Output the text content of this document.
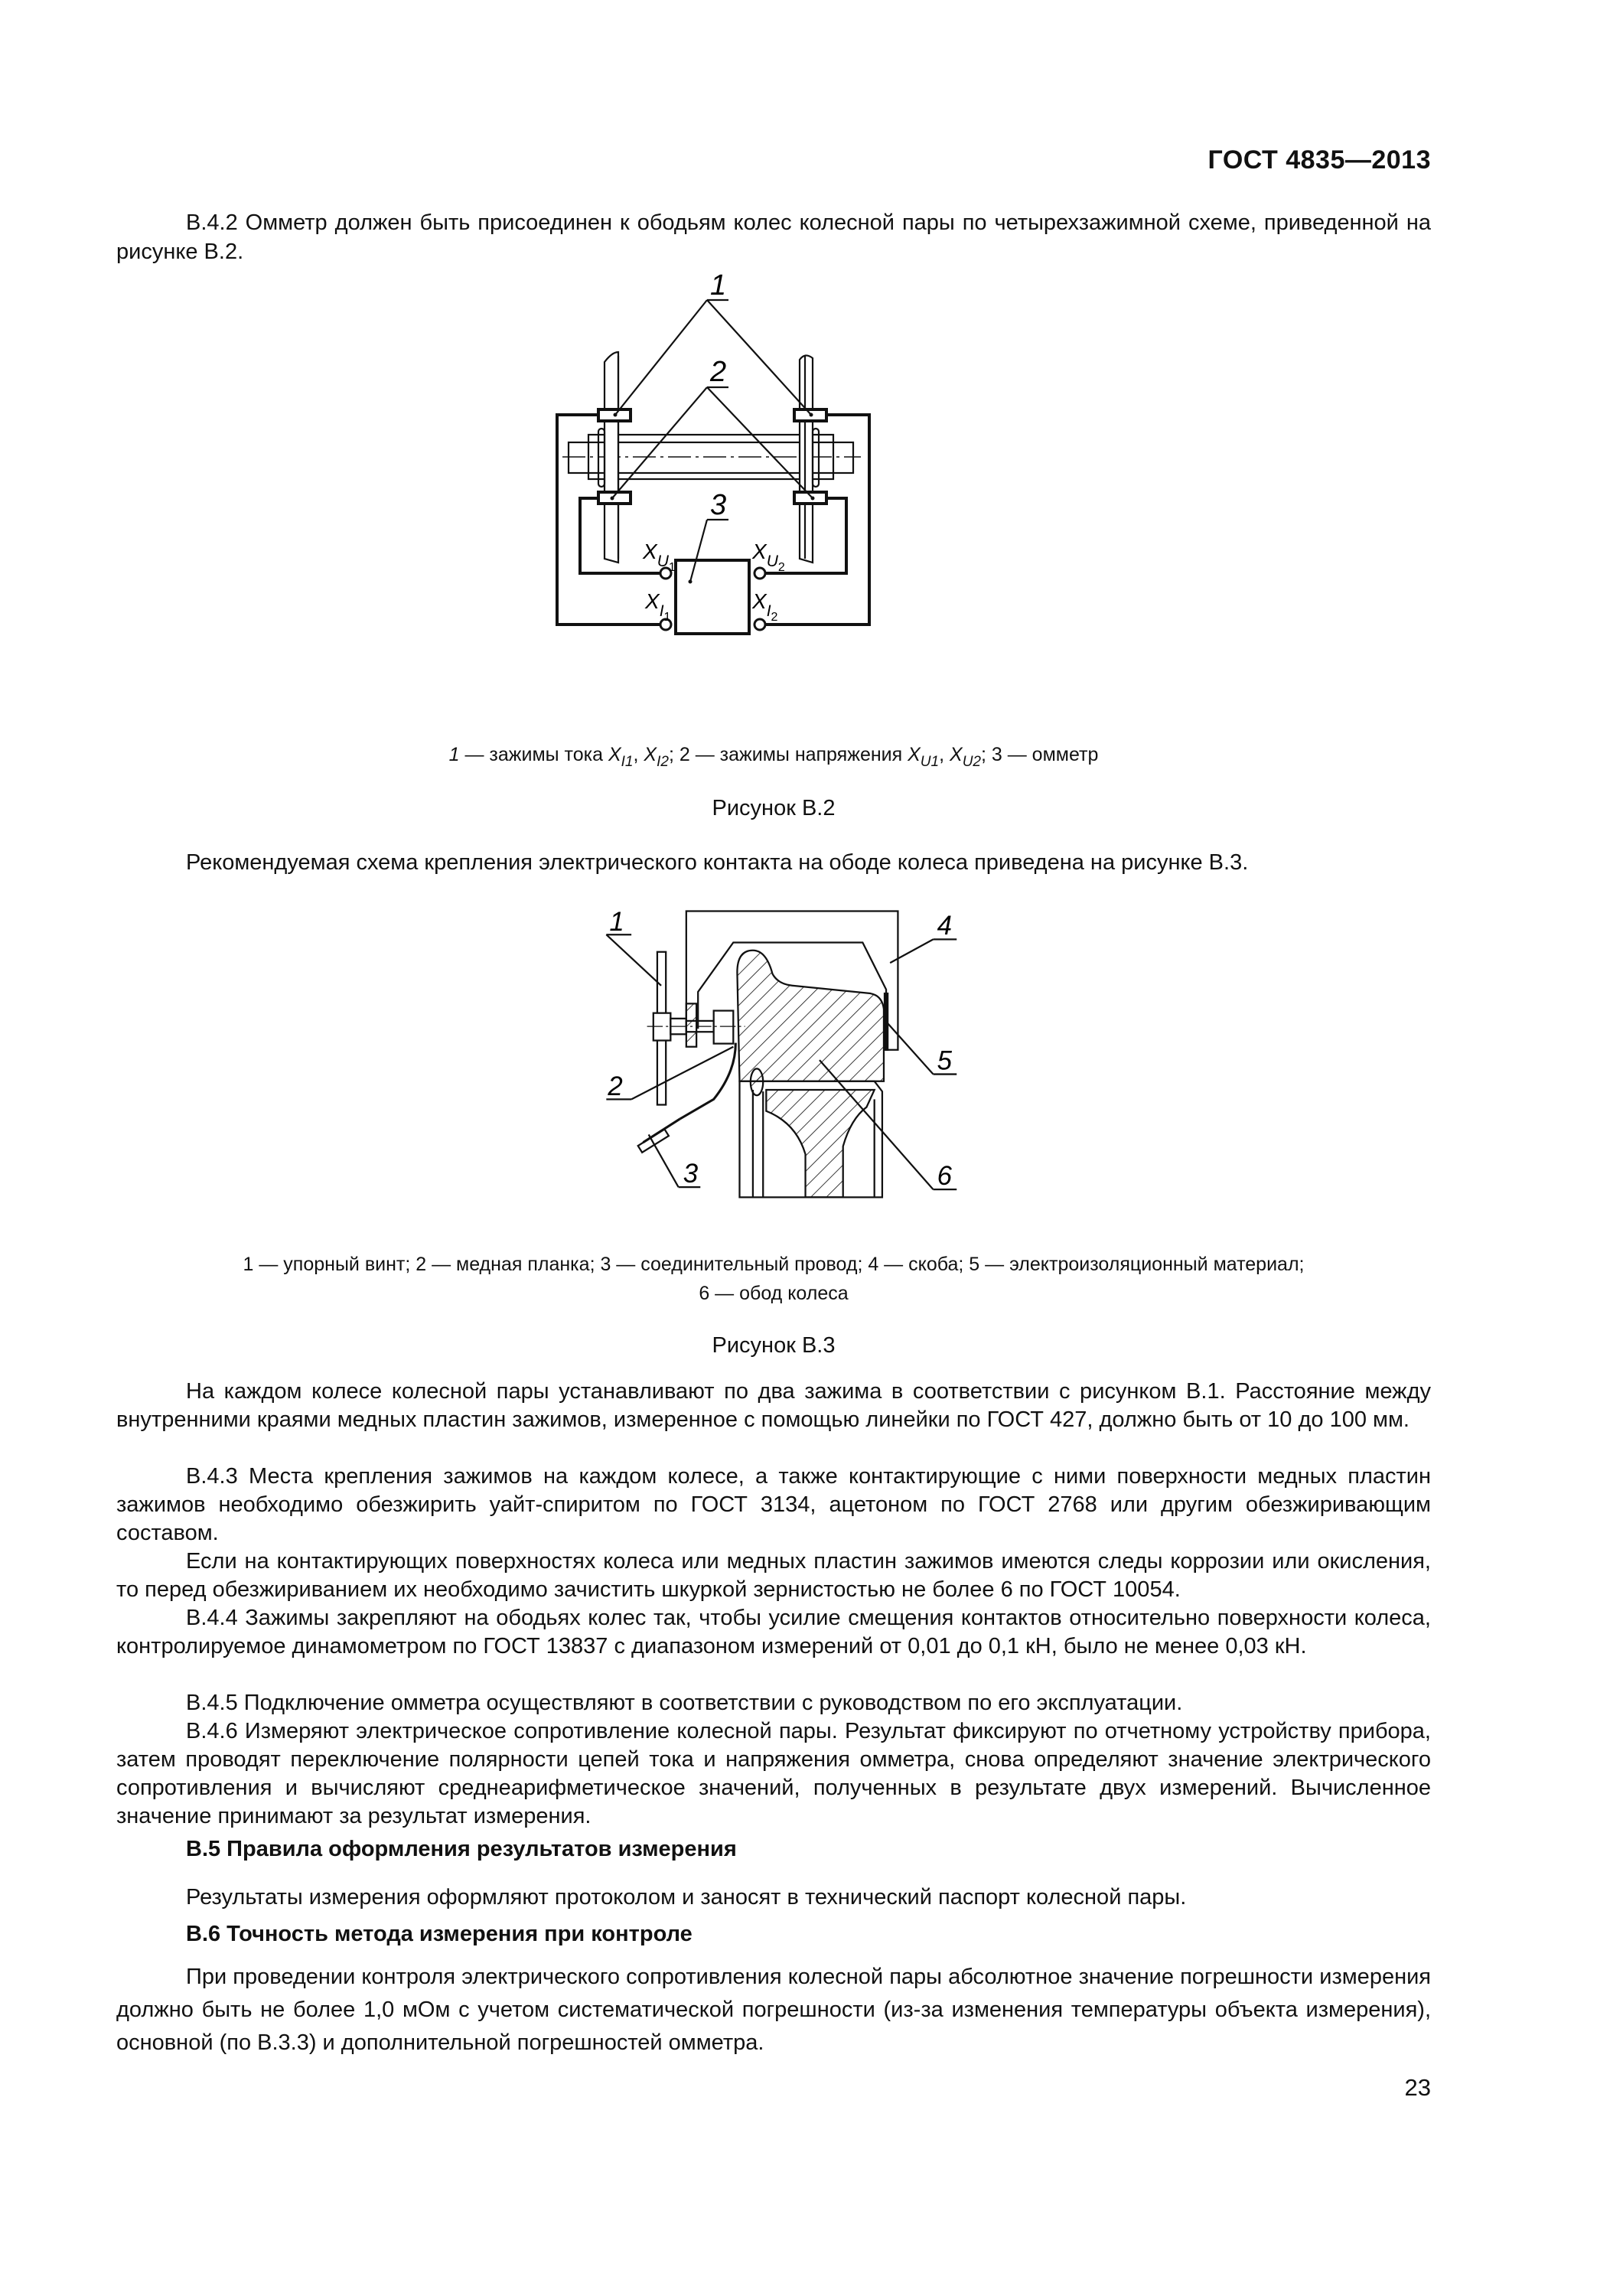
ГОСТ 4835—2013
В.4.2 Омметр должен быть присоединен к ободьям колес колесной пары по четырехзажимной схеме, приведенной на рисунке В.2.
1
2
3
$X_{U1}$
$X_{U2}$
$X_{I1}$
$X_{I2}$
1 — зажимы тока $X_{I1}$, $X_{I2}$; 2 — зажимы напряжения $X_{U1}$, $X_{U2}$; 3 — омметр
Рисунок В.2
Рекомендуемая схема крепления электрического контакта на ободе колеса приведена на рисунке В.3.
1
2
3
4
5
6
1 — упорный винт; 2 — медная планка; 3 — соединительный провод; 4 — скоба; 5 — электроизоляционный материал;
6 — обод колеса
Рисунок В.3
На каждом колесе колесной пары устанавливают по два зажима в соответствии с рисунком В.1. Расстояние между внутренними краями медных пластин зажимов, измеренное с помощью линейки по ГОСТ 427, должно быть от 10 до 100 мм.
В.4.3 Места крепления зажимов на каждом колесе, а также контактирующие с ними поверхности медных пластин зажимов необходимо обезжирить уайт-спиритом по ГОСТ 3134, ацетоном по ГОСТ 2768 или другим обезжиривающим составом.
Если на контактирующих поверхностях колеса или медных пластин зажимов имеются следы коррозии или окисления, то перед обезжириванием их необходимо зачистить шкуркой зернистостью не более 6 по ГОСТ 10054.
В.4.4 Зажимы закрепляют на ободьях колес так, чтобы усилие смещения контактов относительно поверхности колеса, контролируемое динамометром по ГОСТ 13837 с диапазоном измерений от 0,01 до 0,1 кН, было не менее 0,03 кН.
В.4.5 Подключение омметра осуществляют в соответствии с руководством по его эксплуатации.
В.4.6 Измеряют электрическое сопротивление колесной пары. Результат фиксируют по отчетному устройству прибора, затем проводят переключение полярности цепей тока и напряжения омметра, снова определяют значение электрического сопротивления и вычисляют среднеарифметическое значений, полученных в результате двух измерений. Вычисленное значение принимают за результат измерения.
В.5 Правила оформления результатов измерения
Результаты измерения оформляют протоколом и заносят в технический паспорт колесной пары.
В.6 Точность метода измерения при контроле
При проведении контроля электрического сопротивления колесной пары абсолютное значение погрешности измерения должно быть не более 1,0 мОм с учетом систематической погрешности (из-за изменения температуры объекта измерения), основной (по В.3.3) и дополнительной погрешностей омметра.
23
